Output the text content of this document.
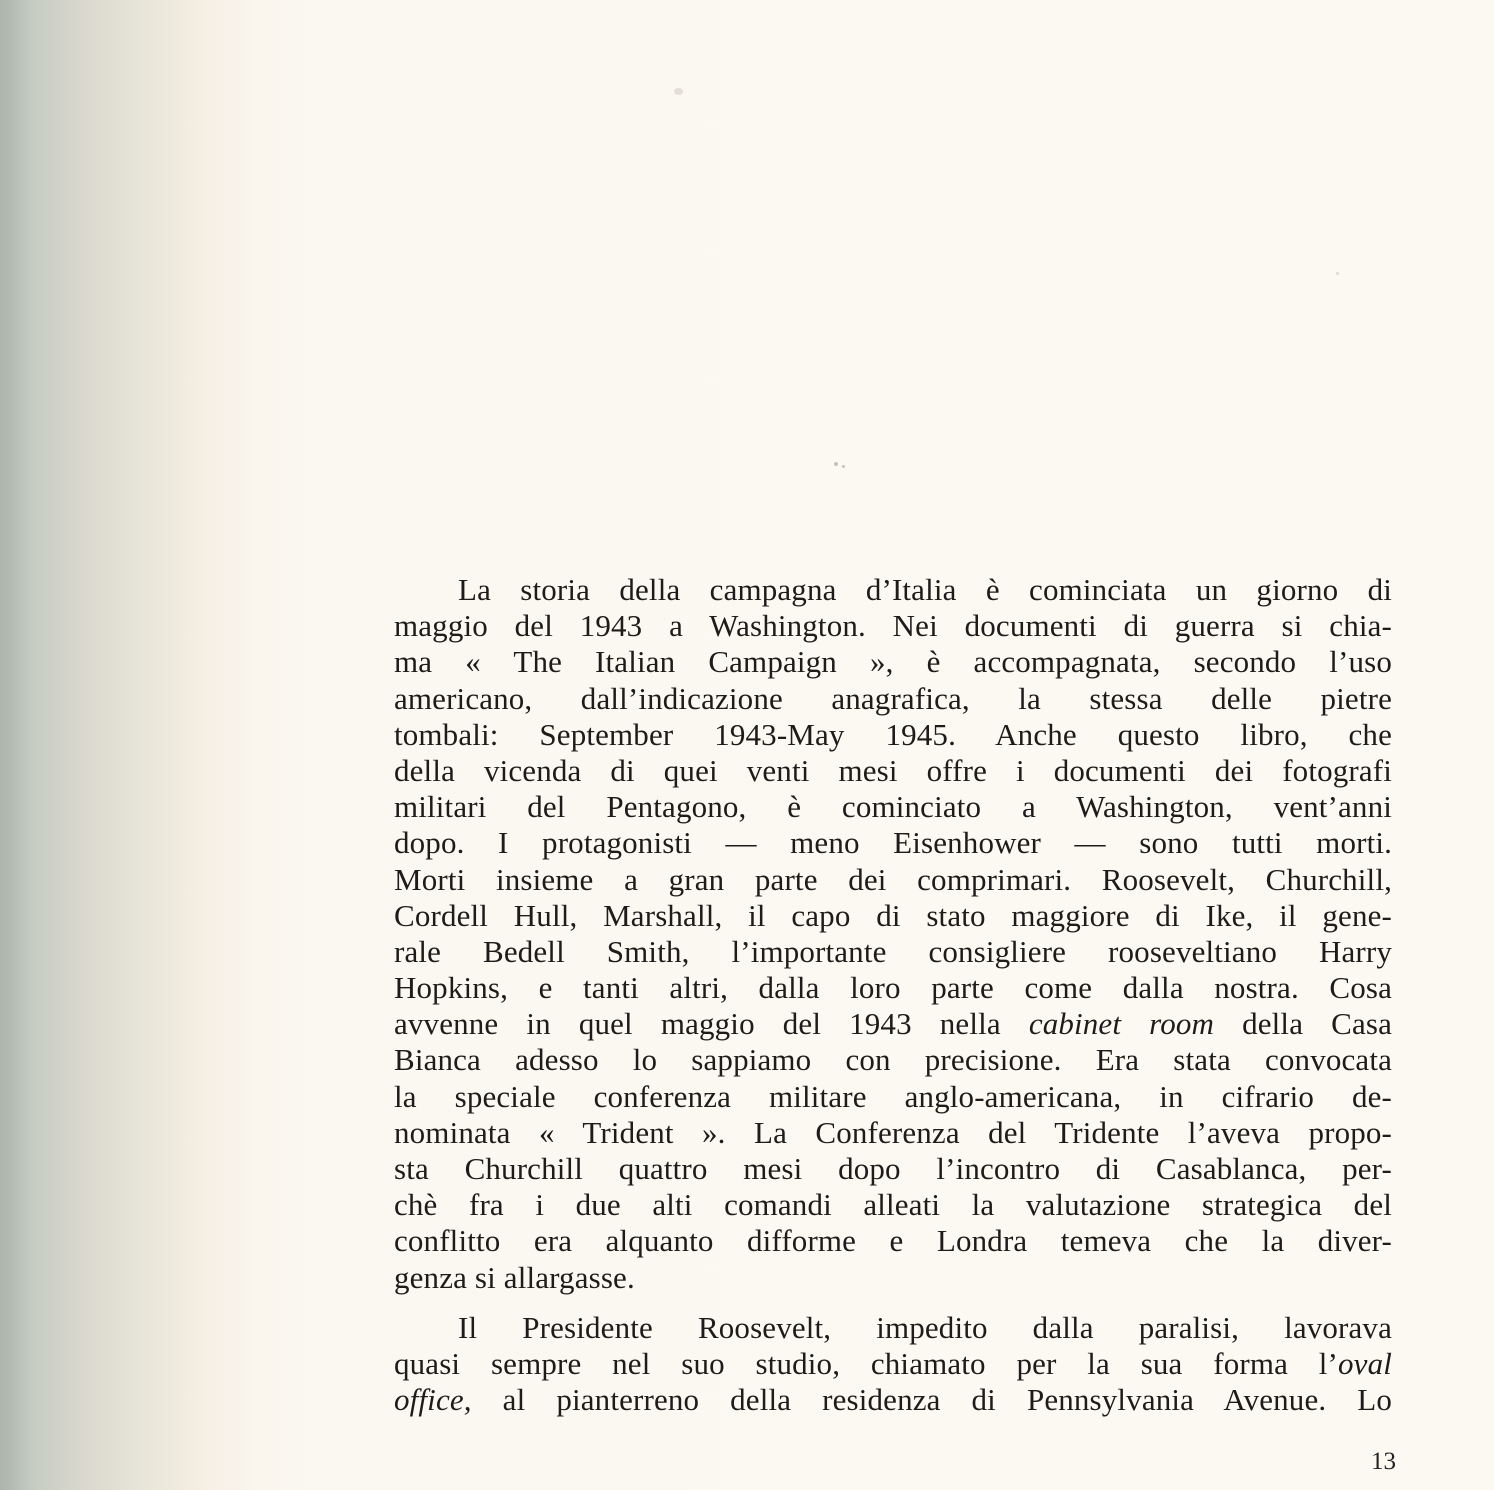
La storia della campagna d’Italia è cominciata un giorno di
maggio del 1943 a Washington. Nei documenti di guerra si chia-
ma « The Italian Campaign », è accompagnata, secondo l’uso
americano, dall’indicazione anagrafica, la stessa delle pietre
tombali: September 1943-May 1945. Anche questo libro, che
della vicenda di quei venti mesi offre i documenti dei fotografi
militari del Pentagono, è cominciato a Washington, vent’anni
dopo. I protagonisti — meno Eisenhower — sono tutti morti.
Morti insieme a gran parte dei comprimari. Roosevelt, Churchill,
Cordell Hull, Marshall, il capo di stato maggiore di Ike, il gene-
rale Bedell Smith, l’importante consigliere rooseveltiano Harry
Hopkins, e tanti altri, dalla loro parte come dalla nostra. Cosa
avvenne in quel maggio del 1943 nella cabinet room della Casa
Bianca adesso lo sappiamo con precisione. Era stata convocata
la speciale conferenza militare anglo-americana, in cifrario de-
nominata « Trident ». La Conferenza del Tridente l’aveva propo-
sta Churchill quattro mesi dopo l’incontro di Casablanca, per-
chè fra i due alti comandi alleati la valutazione strategica del
conflitto era alquanto difforme e Londra temeva che la diver-
genza si allargasse.
Il Presidente Roosevelt, impedito dalla paralisi, lavorava
quasi sempre nel suo studio, chiamato per la sua forma l’oval
office, al pianterreno della residenza di Pennsylvania Avenue. Lo
13
